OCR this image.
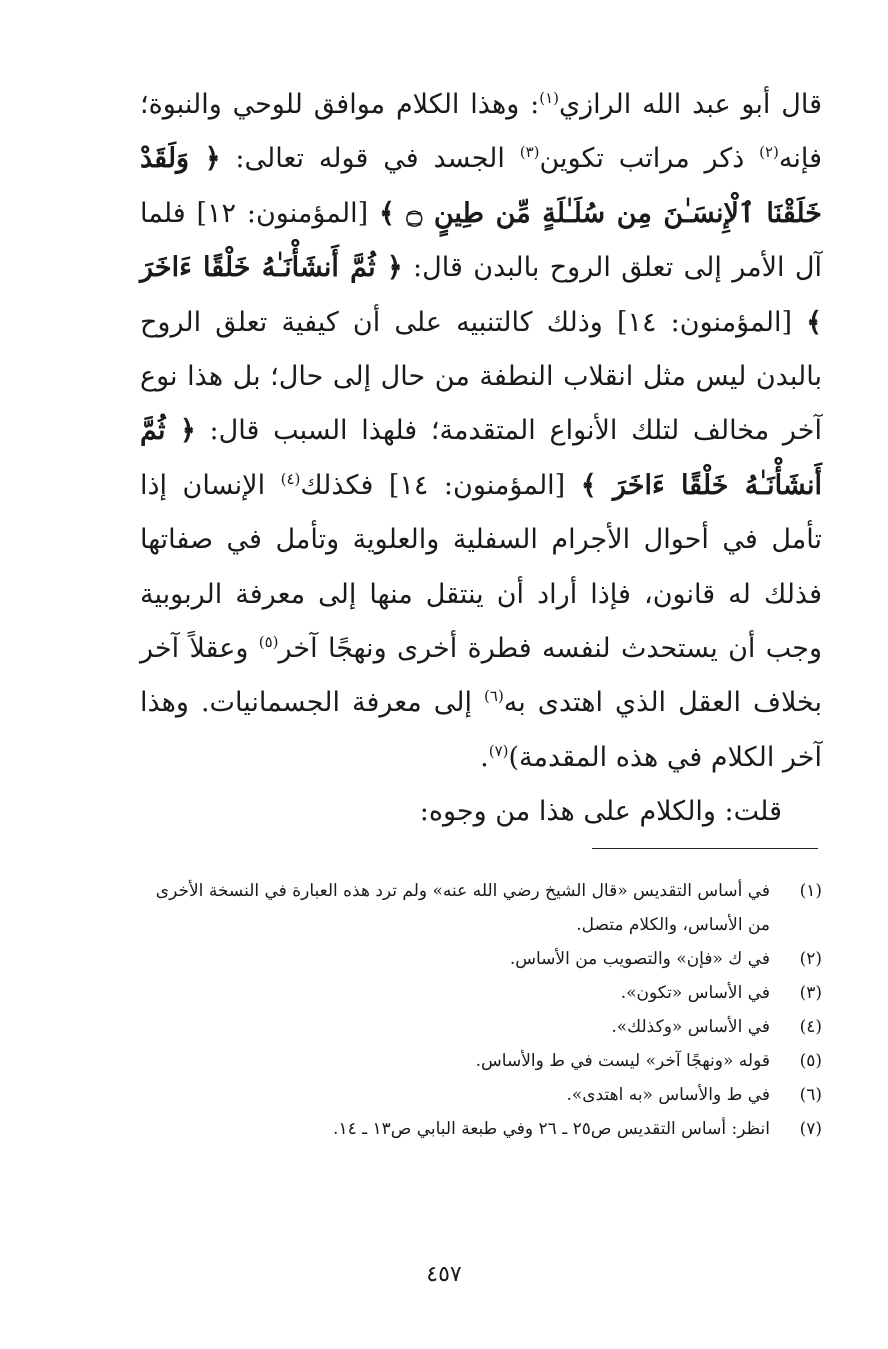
قال أبو عبد الله الرازي$^{(١)}$: وهذا الكلام موافق للوحي والنبوة؛ فإنه$^{(٢)}$ ذكر مراتب تكوين$^{(٣)}$ الجسد في قوله تعالى: ﴿ وَلَقَدْ خَلَقْنَا ٱلْإِنسَـٰنَ مِن سُلَـٰلَةٍ مِّن طِينٍ ۝ ﴾ [المؤمنون: ١٢] فلما آل الأمر إلى تعلق الروح بالبدن قال: ﴿ ثُمَّ أَنشَأْنَـٰهُ خَلْقًا ءَاخَرَ ﴾ [المؤمنون: ١٤] وذلك كالتنبيه على أن كيفية تعلق الروح بالبدن ليس مثل انقلاب النطفة من حال إلى حال؛ بل هذا نوع آخر مخالف لتلك الأنواع المتقدمة؛ فلهذا السبب قال: ﴿ ثُمَّ أَنشَأْنَـٰهُ خَلْقًا ءَاخَرَ ﴾ [المؤمنون: ١٤] فكذلك$^{(٤)}$ الإنسان إذا تأمل في أحوال الأجرام السفلية والعلوية وتأمل في صفاتها فذلك له قانون، فإذا أراد أن ينتقل منها إلى معرفة الربوبية وجب أن يستحدث لنفسه فطرة أخرى ونهجًا آخر$^{(٥)}$ وعقلاً آخر بخلاف العقل الذي اهتدى به$^{(٦)}$ إلى معرفة الجسمانيات. وهذا آخر الكلام في هذه المقدمة)$^{(٧)}$.

قلت: والكلام على هذا من وجوه:

(١)
في أساس التقديس «قال الشيخ رضي الله عنه» ولم ترد هذه العبارة في النسخة الأخرى من الأساس، والكلام متصل.
(٢)
في ك «فإن» والتصويب من الأساس.
(٣)
في الأساس «تكون».
(٤)
في الأساس «وكذلك».
(٥)
قوله «ونهجًا آخر» ليست في ط والأساس.
(٦)
في ط والأساس «به اهتدى».
(٧)
انظر: أساس التقديس ص٢٥ ـ ٢٦ وفي طبعة البابي ص١٣ ـ ١٤.
٤٥٧
